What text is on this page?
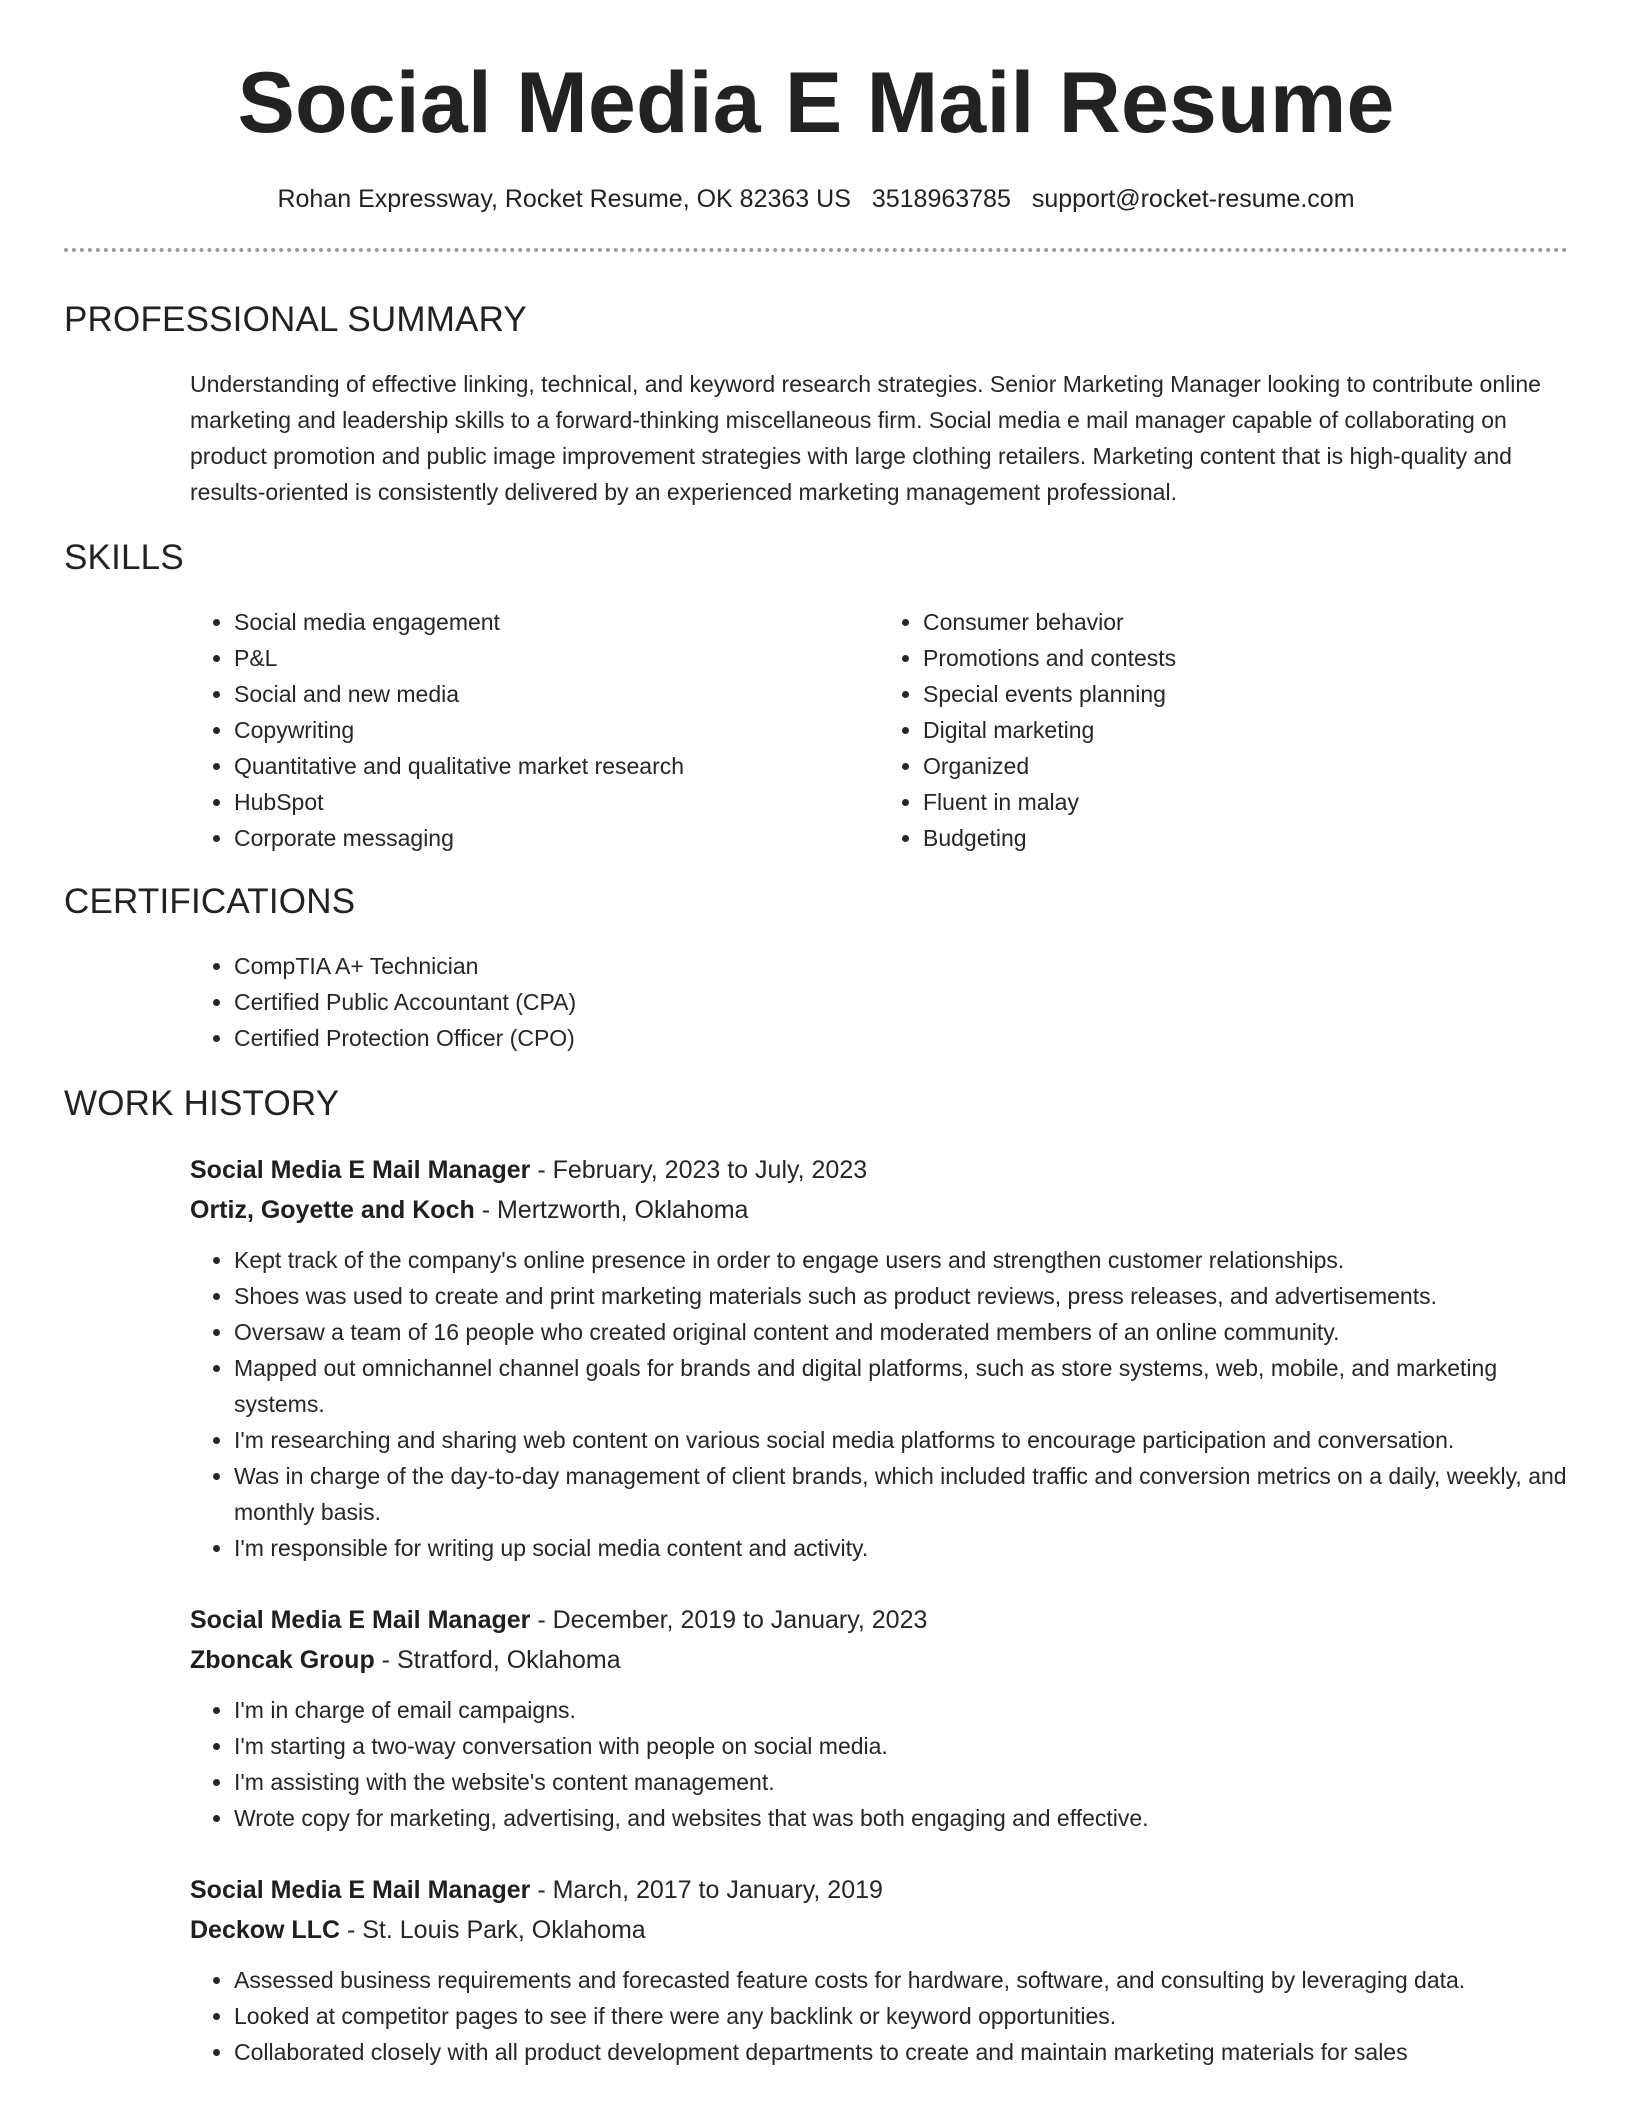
Social Media E Mail Resume
Rohan Expressway, Rocket Resume, OK 82363 US 3518963785 support@rocket-resume.com
PROFESSIONAL SUMMARY
Understanding of effective linking, technical, and keyword research strategies. Senior Marketing Manager looking to contribute online marketing and leadership skills to a forward-thinking miscellaneous firm. Social media e mail manager capable of collaborating on product promotion and public image improvement strategies with large clothing retailers. Marketing content that is high-quality and results-oriented is consistently delivered by an experienced marketing management professional.
SKILLS
• Social media engagement
• P&L
• Social and new media
• Copywriting
• Quantitative and qualitative market research
• HubSpot
• Corporate messaging
• Consumer behavior
• Promotions and contests
• Special events planning
• Digital marketing
• Organized
• Fluent in malay
• Budgeting
CERTIFICATIONS
• CompTIA A+ Technician
• Certified Public Accountant (CPA)
• Certified Protection Officer (CPO)
WORK HISTORY
Social Media E Mail Manager - February, 2023 to July, 2023
Ortiz, Goyette and Koch - Mertzworth, Oklahoma
• Kept track of the company's online presence in order to engage users and strengthen customer relationships.
• Shoes was used to create and print marketing materials such as product reviews, press releases, and advertisements.
• Oversaw a team of 16 people who created original content and moderated members of an online community.
• Mapped out omnichannel channel goals for brands and digital platforms, such as store systems, web, mobile, and marketing systems.
• I'm researching and sharing web content on various social media platforms to encourage participation and conversation.
• Was in charge of the day-to-day management of client brands, which included traffic and conversion metrics on a daily, weekly, and monthly basis.
• I'm responsible for writing up social media content and activity.
Social Media E Mail Manager - December, 2019 to January, 2023
Zboncak Group - Stratford, Oklahoma
• I'm in charge of email campaigns.
• I'm starting a two-way conversation with people on social media.
• I'm assisting with the website's content management.
• Wrote copy for marketing, advertising, and websites that was both engaging and effective.
Social Media E Mail Manager - March, 2017 to January, 2019
Deckow LLC - St. Louis Park, Oklahoma
• Assessed business requirements and forecasted feature costs for hardware, software, and consulting by leveraging data.
• Looked at competitor pages to see if there were any backlink or keyword opportunities.
• Collaborated closely with all product development departments to create and maintain marketing materials for sales
